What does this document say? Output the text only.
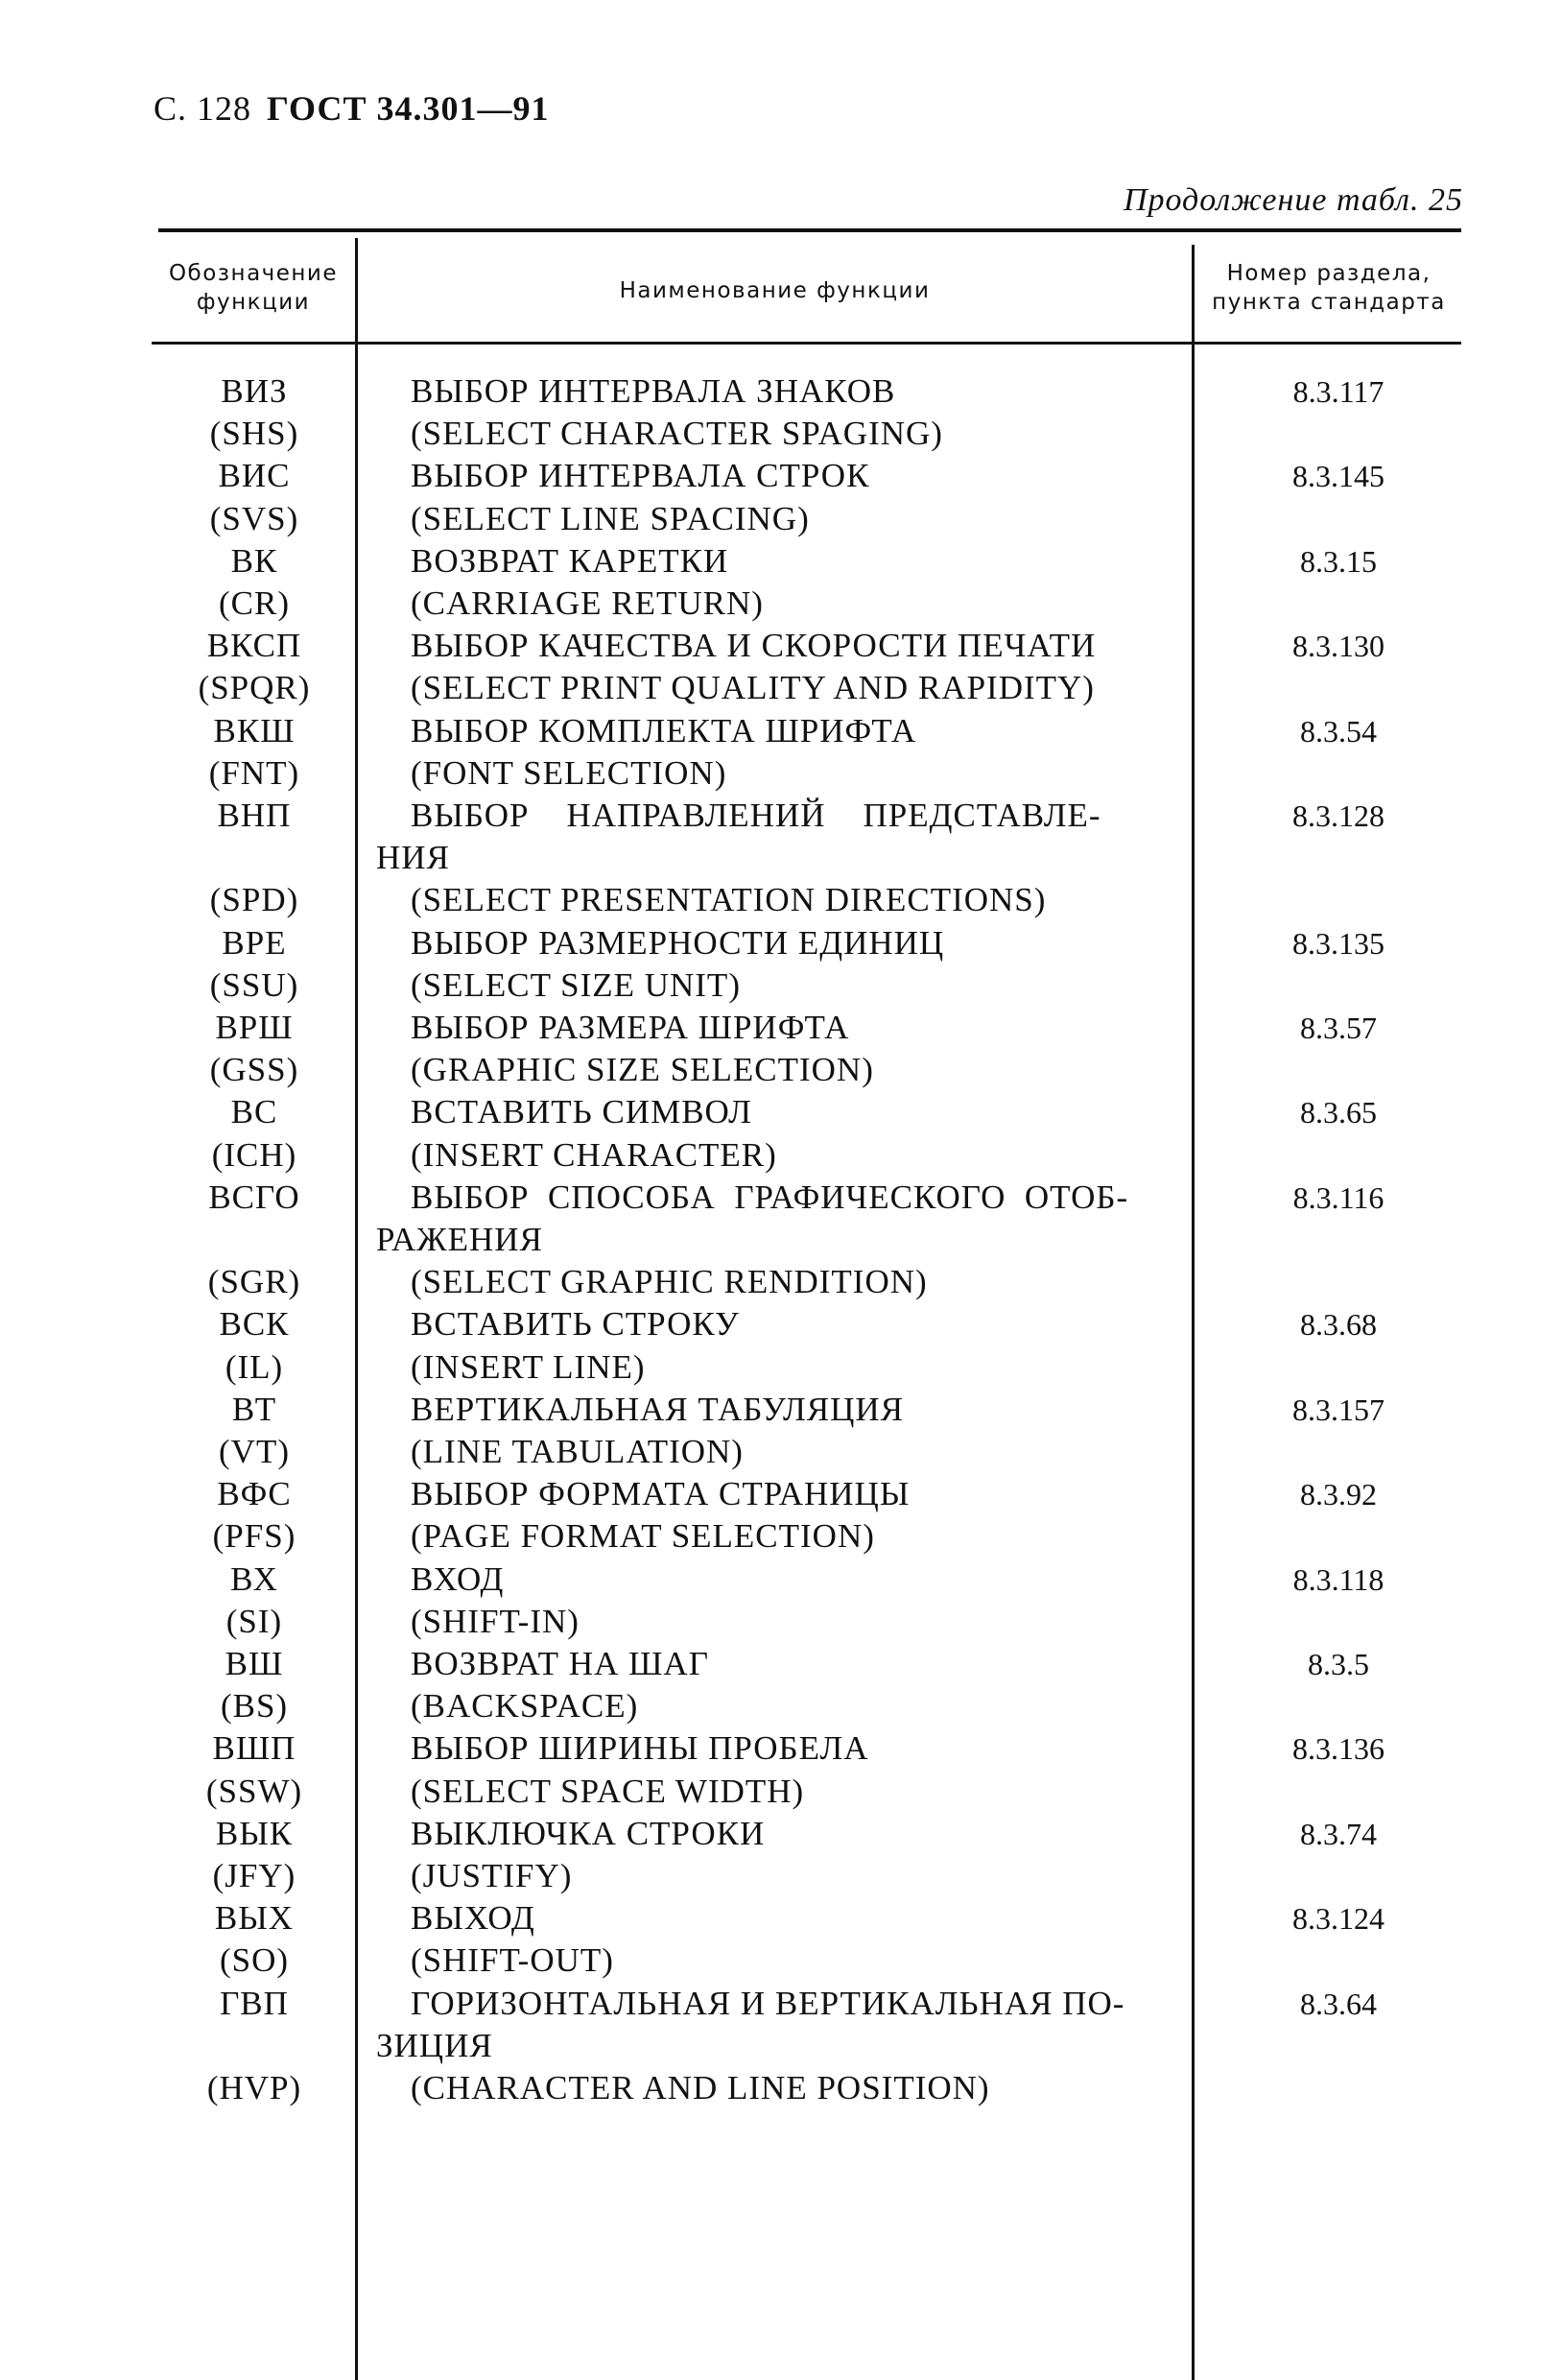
С. 128 ГОСТ 34.301—91
Продолжение табл. 25
Обозначение
функции	Наименование функции
Номер раздела,
пункта стандарта
ВИЗ	ВЫБОР ИНТЕРВАЛА ЗНАКОВ	8.3.117
(SHS)	(SELECT CHARACTER SPAGING)
ВИС	ВЫБОР ИНТЕРВАЛА СТРОК	8.3.145
(SVS)	(SELECT LINE SPACING)
ВК	ВОЗВРАТ КАРЕТКИ	8.3.15
(CR)	(CARRIAGE RETURN)
ВКСП	ВЫБОР КАЧЕСТВА И СКОРОСТИ ПЕЧАТИ	8.3.130
(SPQR)	(SELECT PRINT QUALITY AND RAPIDITY)
ВКШ	ВЫБОР КОМПЛЕКТА ШРИФТА	8.3.54
(FNT)	(FONT SELECTION)
ВНП	ВЫБОР    НАПРАВЛЕНИЙ    ПРЕДСТАВЛЕ-	8.3.128
НИЯ
(SPD)	(SELECT PRESENTATION DIRECTIONS)
ВРЕ	ВЫБОР РАЗМЕРНОСТИ ЕДИНИЦ	8.3.135
(SSU)	(SELECT SIZE UNIT)
ВРШ	ВЫБОР РАЗМЕРА ШРИФТА	8.3.57
(GSS)	(GRAPHIC SIZE SELECTION)
ВС	ВСТАВИТЬ СИМВОЛ	8.3.65
(ICH)	(INSERT CHARACTER)
ВСГО	ВЫБОР  СПОСОБА  ГРАФИЧЕСКОГО  ОТОБ-	8.3.116
РАЖЕНИЯ
(SGR)	(SELECT GRAPHIC RENDITION)
ВСК	ВСТАВИТЬ СТРОКУ	8.3.68
(IL)	(INSERT LINE)
ВТ	ВЕРТИКАЛЬНАЯ ТАБУЛЯЦИЯ	8.3.157
(VT)	(LINE TABULATION)
ВФС	ВЫБОР ФОРМАТА СТРАНИЦЫ	8.3.92
(PFS)	(PAGE FORMAT SELECTION)
ВХ	ВХОД	8.3.118
(SI)	(SHIFT-IN)
ВШ	ВОЗВРАТ НА ШАГ	8.3.5
(BS)	(BACKSPACE)
ВШП	ВЫБОР ШИРИНЫ ПРОБЕЛА	8.3.136
(SSW)	(SELECT SPACE WIDTH)
ВЫК	ВЫКЛЮЧКА СТРОКИ	8.3.74
(JFY)	(JUSTIFY)
ВЫХ	ВЫХОД	8.3.124
(SO)	(SHIFT-OUT)
ГВП	ГОРИЗОНТАЛЬНАЯ И ВЕРТИКАЛЬНАЯ ПО-	8.3.64
ЗИЦИЯ
(HVP)	(CHARACTER AND LINE POSITION)
